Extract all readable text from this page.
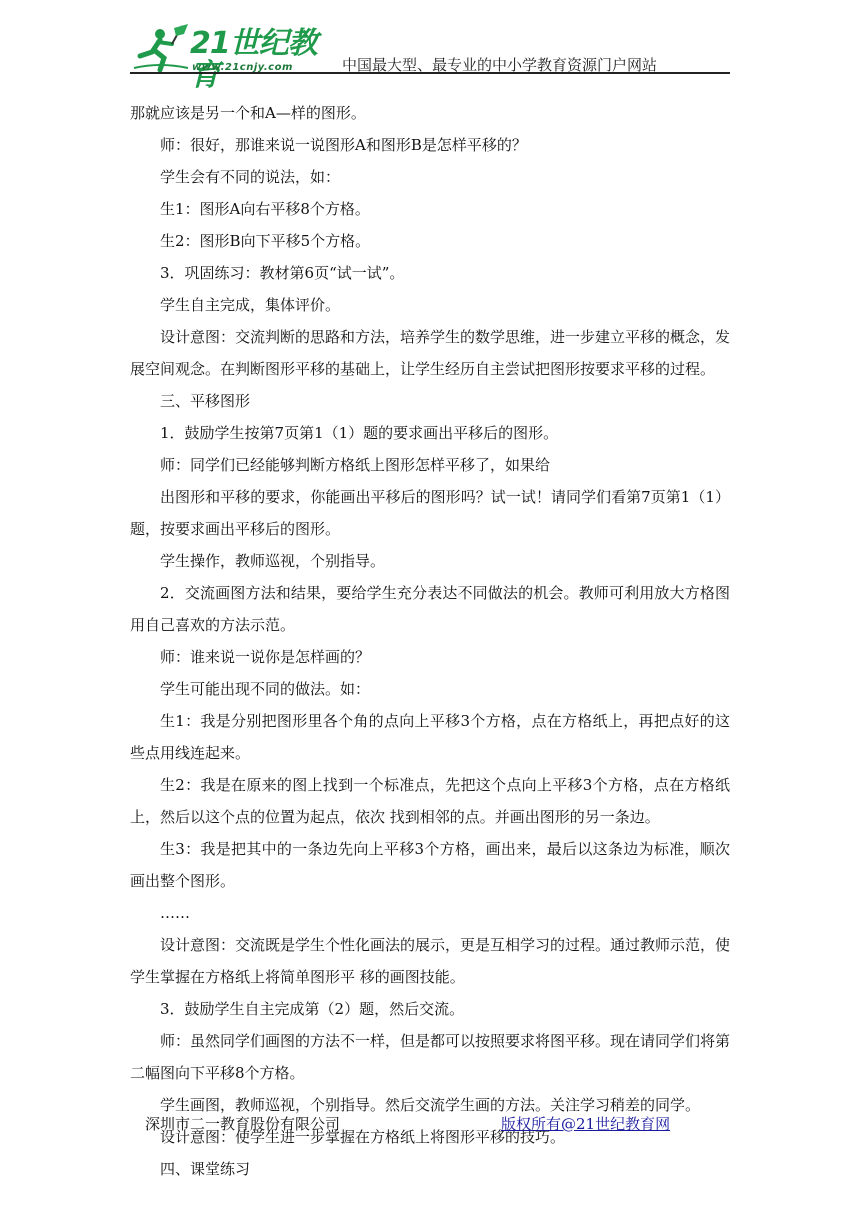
21世纪教育
www.21cnjy.com	中国最大型、最专业的中小学教育资源门户网站

那就应该是另一个和A—样的图形。

师：很好，那谁来说一说图形A和图形B是怎样平移的？

学生会有不同的说法，如：

生1：图形A向右平移8个方格。

生2：图形B向下平移5个方格。

3．巩固练习：教材第6页“试一试”。

学生自主完成，集体评价。

设计意图：交流判断的思路和方法，培养学生的数学思维，进一步建立平移的概念，发展空间观念。在判断图形平移的基础上，让学生经历自主尝试把图形按要求平移的过程。

三、平移图形

1．鼓励学生按第7页第1（1）题的要求画出平移后的图形。

师：同学们已经能够判断方格纸上图形怎样平移了，如果给

出图形和平移的要求，你能画出平移后的图形吗？试一试！请同学们看第7页第1（1）题，按要求画出平移后的图形。

学生操作，教师巡视，个别指导。

2．交流画图方法和结果，要给学生充分表达不同做法的机会。教师可利用放大方格图用自己喜欢的方法示范。

师：谁来说一说你是怎样画的？

学生可能出现不同的做法。如：

生1：我是分别把图形里各个角的点向上平移3个方格，点在方格纸上，再把点好的这些点用线连起来。

生2：我是在原来的图上找到一个标准点，先把这个点向上平移3个方格，点在方格纸上，然后以这个点的位置为起点，依次 找到相邻的点。并画出图形的另一条边。

生3：我是把其中的一条边先向上平移3个方格，画出来，最后以这条边为标准，顺次画出整个图形。

……

设计意图：交流既是学生个性化画法的展示，更是互相学习的过程。通过教师示范，使学生掌握在方格纸上将简单图形平 移的画图技能。

3．鼓励学生自主完成第（2）题，然后交流。

师：虽然同学们画图的方法不一样，但是都可以按照要求将图平移。现在请同学们将第二幅图向下平移8个方格。

学生画图，教师巡视，个别指导。然后交流学生画的方法。关注学习稍差的同学。

设计意图：使学生进一步掌握在方格纸上将图形平移的技巧。

四、课堂练习

深圳市二一教育股份有限公司	版权所有@21世纪教育网
